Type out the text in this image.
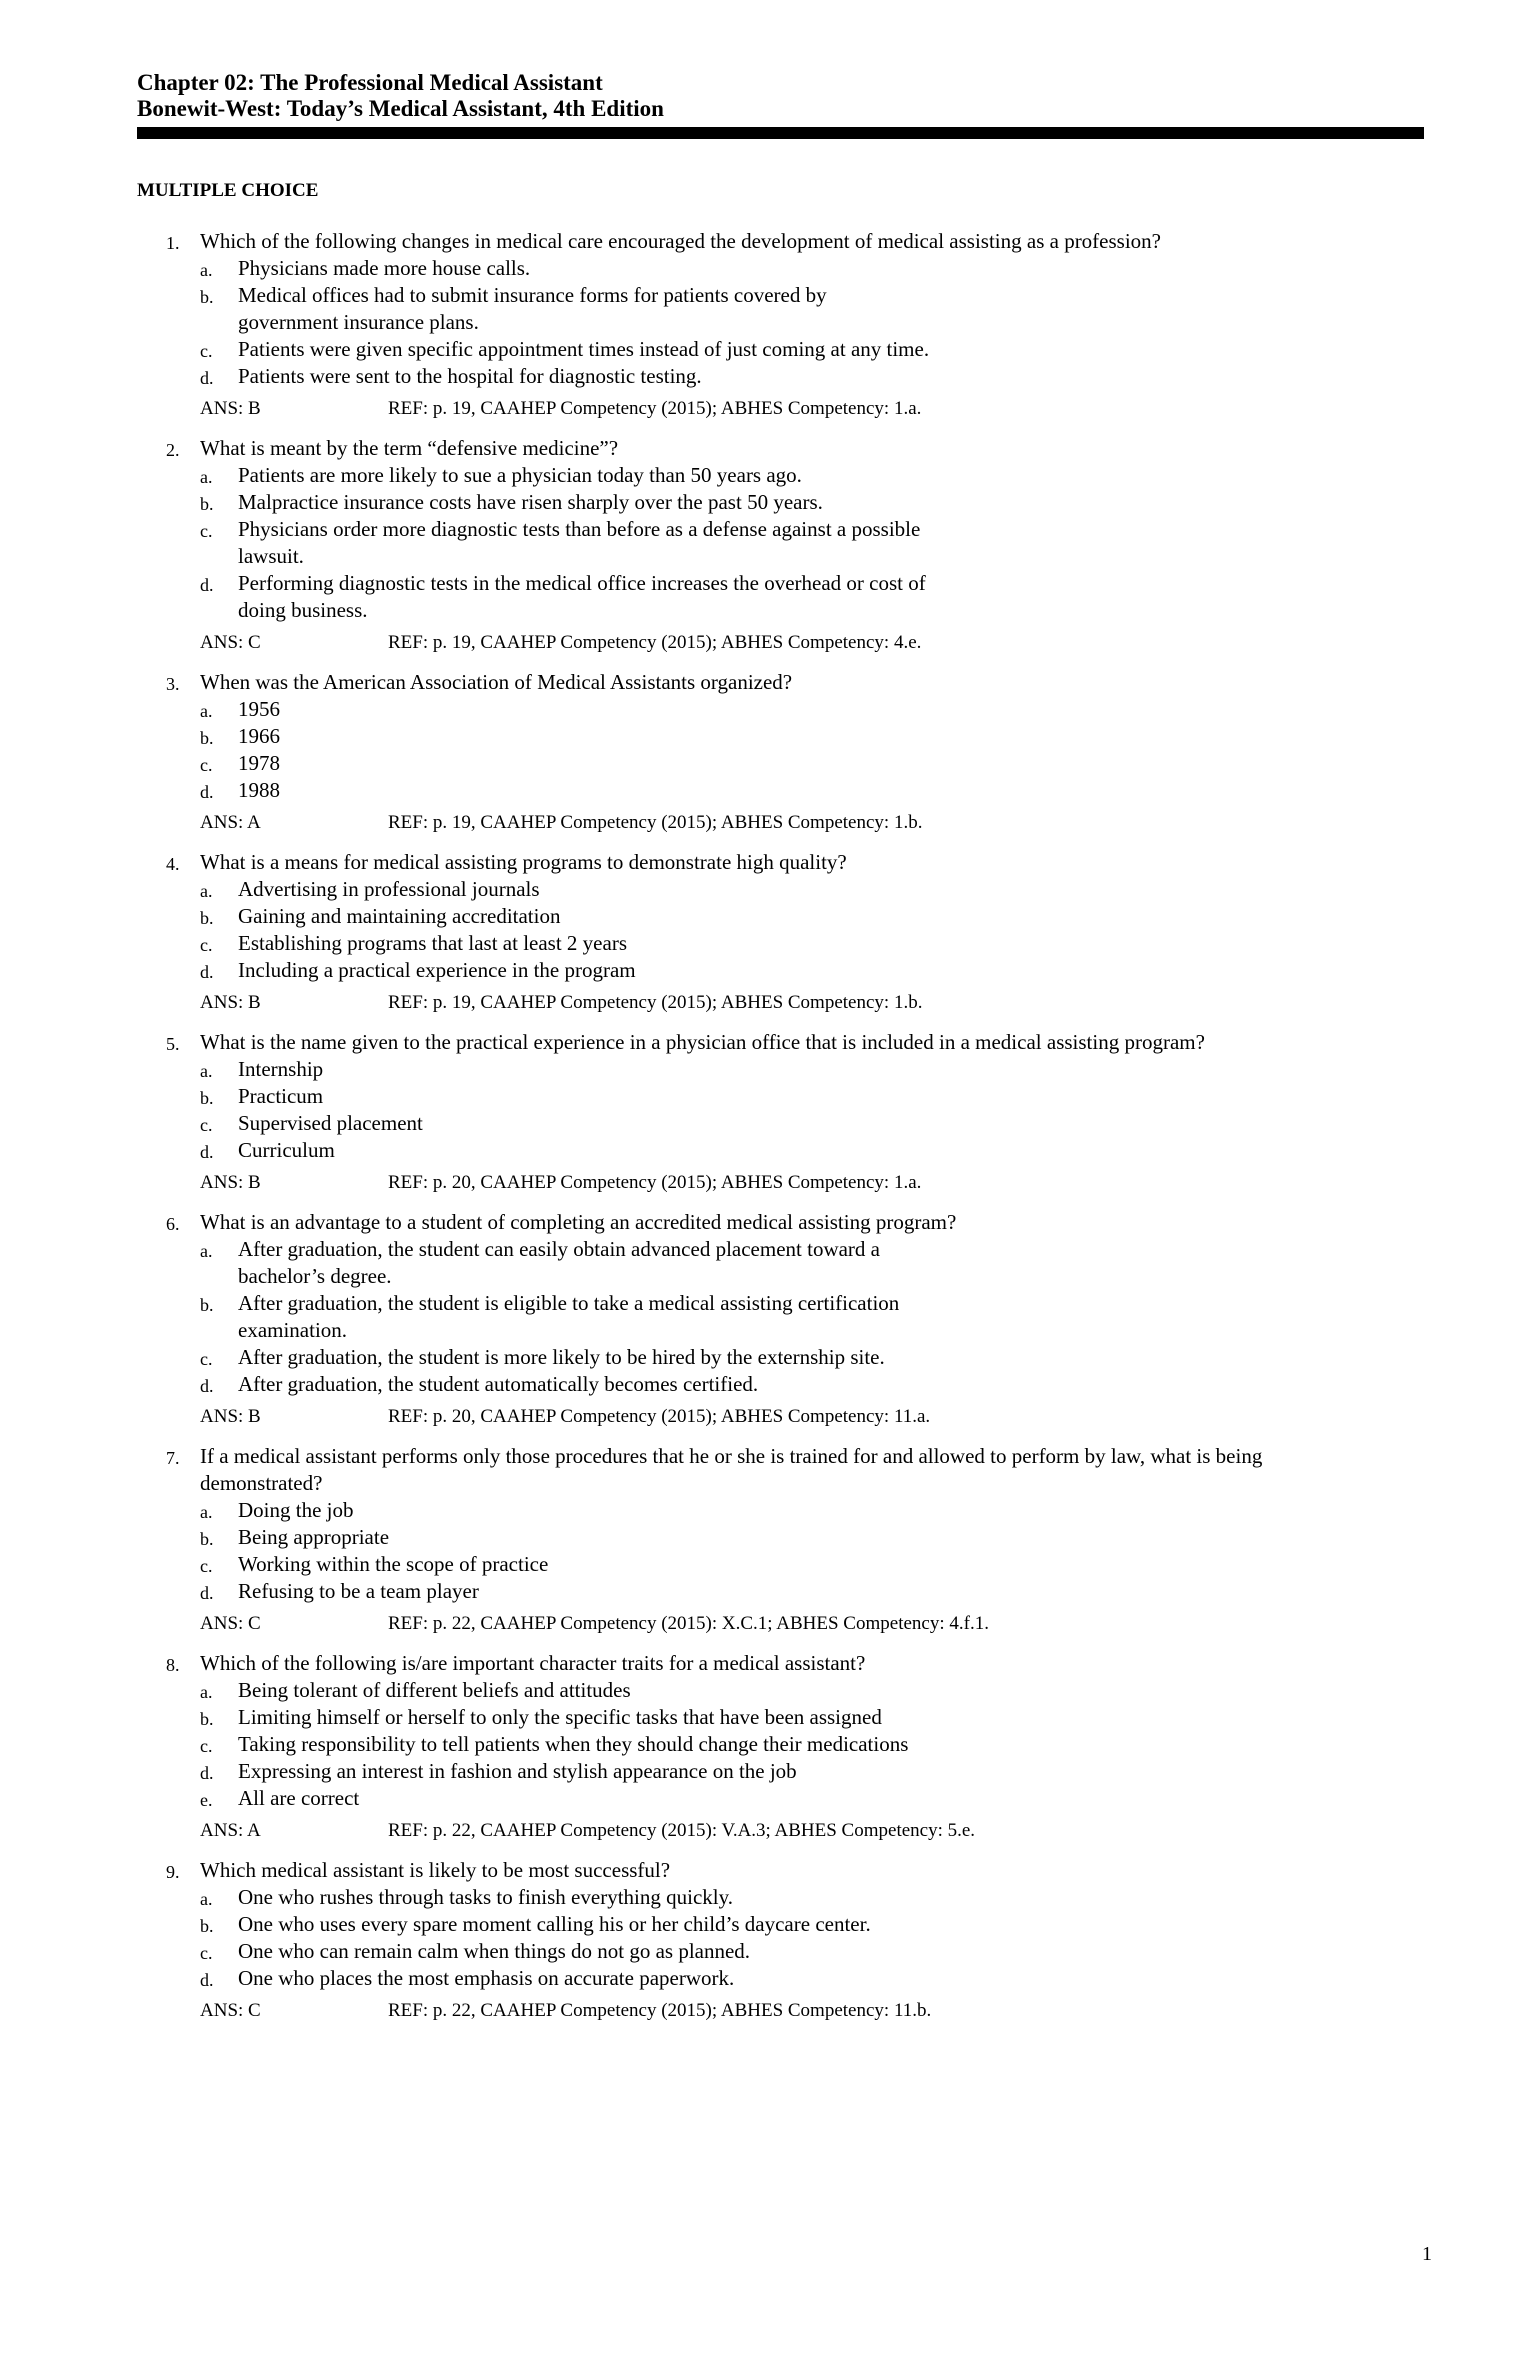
Chapter 02: The Professional Medical Assistant
Bonewit-West: Today’s Medical Assistant, 4th Edition
MULTIPLE CHOICE
1. Which of the following changes in medical care encouraged the development of medical assisting as a profession?
a. Physicians made more house calls.
b. Medical offices had to submit insurance forms for patients covered by
government insurance plans.
c. Patients were given specific appointment times instead of just coming at any time.
d. Patients were sent to the hospital for diagnostic testing.
ANS: B	REF: p. 19, CAAHEP Competency (2015); ABHES Competency: 1.a.
2. What is meant by the term “defensive medicine”?
a. Patients are more likely to sue a physician today than 50 years ago.
b. Malpractice insurance costs have risen sharply over the past 50 years.
c. Physicians order more diagnostic tests than before as a defense against a possible
lawsuit.
d. Performing diagnostic tests in the medical office increases the overhead or cost of
doing business.
ANS: C	REF: p. 19, CAAHEP Competency (2015); ABHES Competency: 4.e.
3. When was the American Association of Medical Assistants organized?
a. 1956
b. 1966
c. 1978
d. 1988
ANS: A	REF: p. 19, CAAHEP Competency (2015); ABHES Competency: 1.b.
4. What is a means for medical assisting programs to demonstrate high quality?
a. Advertising in professional journals
b. Gaining and maintaining accreditation
c. Establishing programs that last at least 2 years
d. Including a practical experience in the program
ANS: B	REF: p. 19, CAAHEP Competency (2015); ABHES Competency: 1.b.
5. What is the name given to the practical experience in a physician office that is included in a medical assisting program?
a. Internship
b. Practicum
c. Supervised placement
d. Curriculum
ANS: B	REF: p. 20, CAAHEP Competency (2015); ABHES Competency: 1.a.
6. What is an advantage to a student of completing an accredited medical assisting program?
a. After graduation, the student can easily obtain advanced placement toward a
bachelor’s degree.
b. After graduation, the student is eligible to take a medical assisting certification
examination.
c. After graduation, the student is more likely to be hired by the externship site.
d. After graduation, the student automatically becomes certified.
ANS: B	REF: p. 20, CAAHEP Competency (2015); ABHES Competency: 11.a.
7. If a medical assistant performs only those procedures that he or she is trained for and allowed to perform by law, what is being
demonstrated?
a. Doing the job
b. Being appropriate
c. Working within the scope of practice
d. Refusing to be a team player
ANS: C	REF: p. 22, CAAHEP Competency (2015): X.C.1; ABHES Competency: 4.f.1.
8. Which of the following is/are important character traits for a medical assistant?
a. Being tolerant of different beliefs and attitudes
b. Limiting himself or herself to only the specific tasks that have been assigned
c. Taking responsibility to tell patients when they should change their medications
d. Expressing an interest in fashion and stylish appearance on the job
e. All are correct
ANS: A	REF: p. 22, CAAHEP Competency (2015): V.A.3; ABHES Competency: 5.e.
9. Which medical assistant is likely to be most successful?
a. One who rushes through tasks to finish everything quickly.
b. One who uses every spare moment calling his or her child’s daycare center.
c. One who can remain calm when things do not go as planned.
d. One who places the most emphasis on accurate paperwork.
ANS: C	REF: p. 22, CAAHEP Competency (2015); ABHES Competency: 11.b.
1
